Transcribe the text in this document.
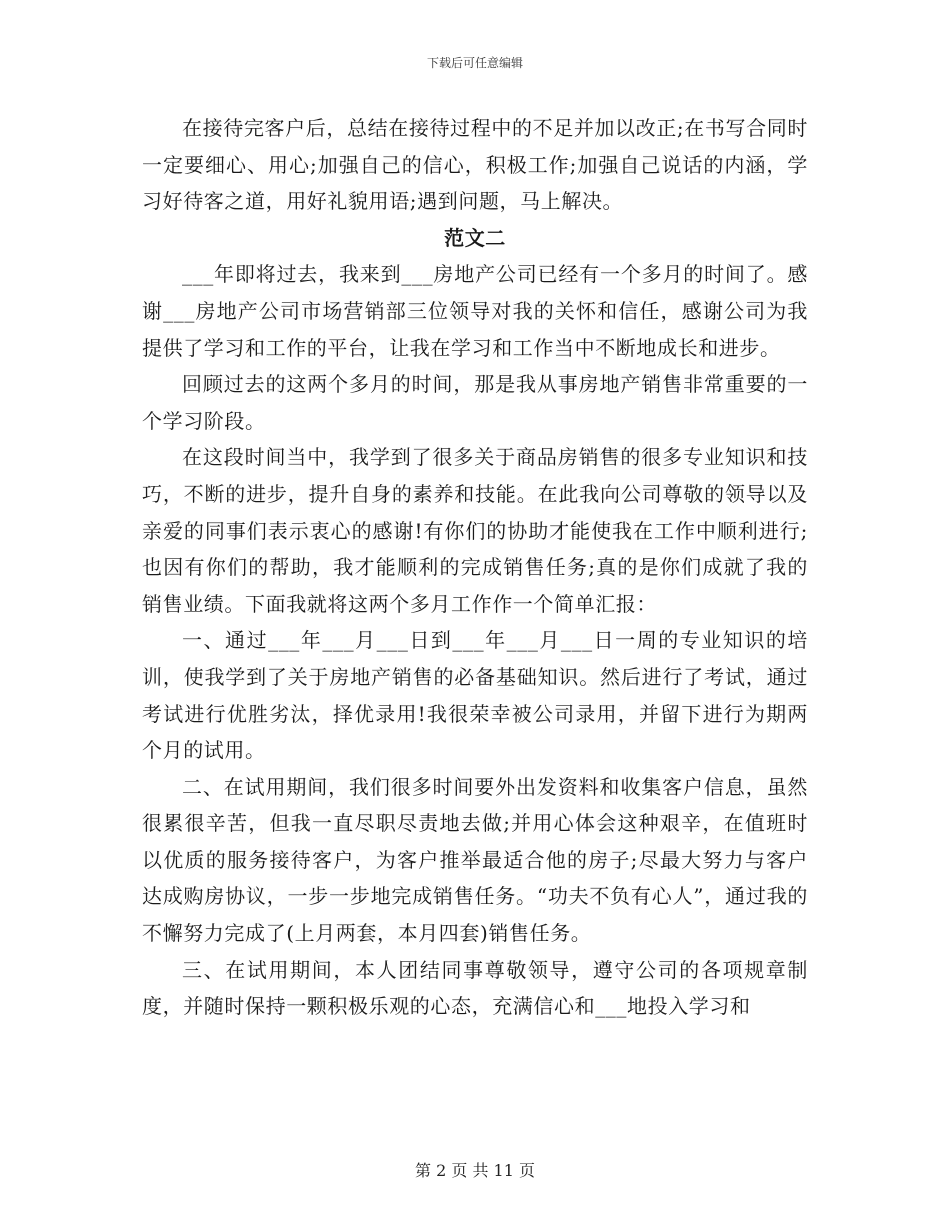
下载后可任意编辑

在接待完客户后，总结在接待过程中的不足并加以改正;在书写合同时一定要细心、用心;加强自己的信心，积极工作;加强自己说话的内涵，学习好待客之道，用好礼貌用语;遇到问题，马上解决。

范文二

___年即将过去，我来到___房地产公司已经有一个多月的时间了。感谢___房地产公司市场营销部三位领导对我的关怀和信任，感谢公司为我提供了学习和工作的平台，让我在学习和工作当中不断地成长和进步。

回顾过去的这两个多月的时间，那是我从事房地产销售非常重要的一个学习阶段。

在这段时间当中，我学到了很多关于商品房销售的很多专业知识和技巧，不断的进步，提升自身的素养和技能。在此我向公司尊敬的领导以及亲爱的同事们表示衷心的感谢!有你们的协助才能使我在工作中顺利进行;也因有你们的帮助，我才能顺利的完成销售任务;真的是你们成就了我的销售业绩。下面我就将这两个多月工作作一个简单汇报：

一、通过___年___月___日到___年___月___日一周的专业知识的培训，使我学到了关于房地产销售的必备基础知识。然后进行了考试，通过考试进行优胜劣汰，择优录用!我很荣幸被公司录用，并留下进行为期两个月的试用。

二、在试用期间，我们很多时间要外出发资料和收集客户信息，虽然很累很辛苦，但我一直尽职尽责地去做;并用心体会这种艰辛，在值班时以优质的服务接待客户，为客户推举最适合他的房子;尽最大努力与客户达成购房协议，一步一步地完成销售任务。“功夫不负有心人”，通过我的不懈努力完成了(上月两套，本月四套)销售任务。

三、在试用期间，本人团结同事尊敬领导，遵守公司的各项规章制度，并随时保持一颗积极乐观的心态，充满信心和___地投入学习和

第 2 页 共 11 页
